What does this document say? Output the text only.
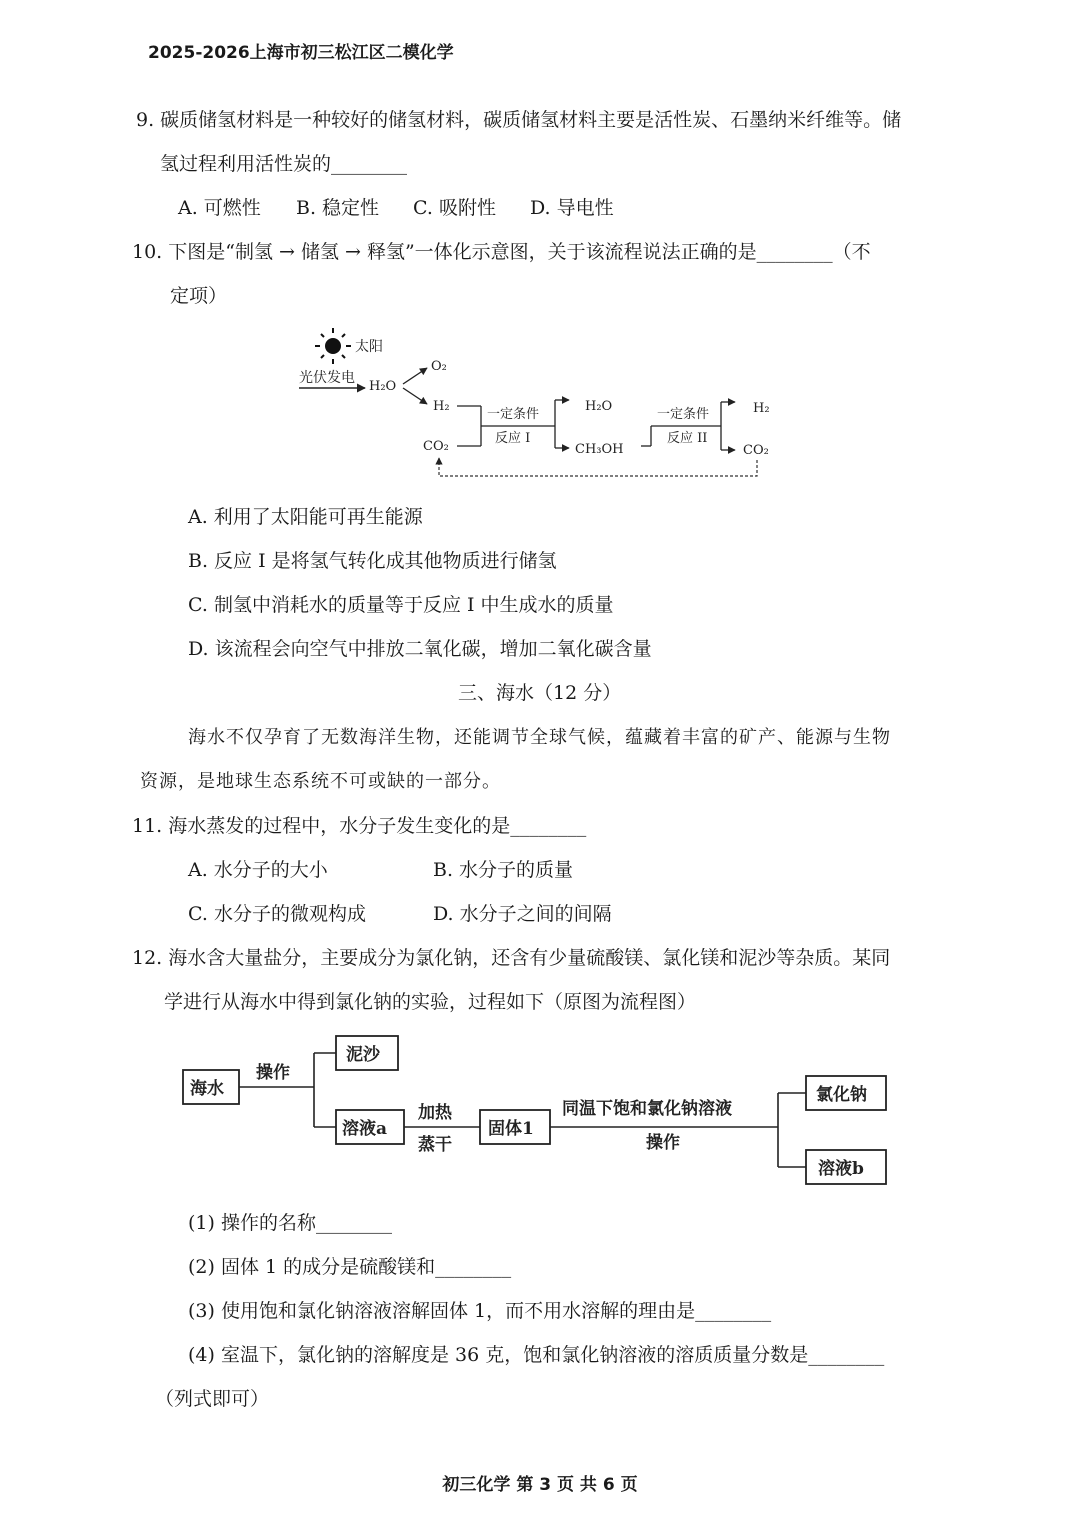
2025-2026上海市初三松江区二模化学
9. 碳质储氢材料是一种较好的储氢材料，碳质储氢材料主要是活性炭、石墨纳米纤维等。储
氢过程利用活性炭的________
A. 可燃性 B. 稳定性 C. 吸附性 D. 导电性
10. 下图是“制氢 → 储氢 → 释氢”一体化示意图，关于该流程说法正确的是________（不
定项）
太阳
光伏发电
H₂O
O₂
H₂
CO₂
一定条件
反应 I
H₂O
CH₃OH
一定条件
反应 II
H₂
CO₂
A. 利用了太阳能可再生能源
B. 反应 I 是将氢气转化成其他物质进行储氢
C. 制氢中消耗水的质量等于反应 I 中生成水的质量
D. 该流程会向空气中排放二氧化碳，增加二氧化碳含量
三、海水（12 分）
海水不仅孕育了无数海洋生物，还能调节全球气候，蕴藏着丰富的矿产、能源与生物
资源，是地球生态系统不可或缺的一部分。
11. 海水蒸发的过程中，水分子发生变化的是________
A. 水分子的大小	B. 水分子的质量
C. 水分子的微观构成	D. 水分子之间的间隔
12. 海水含大量盐分，主要成分为氯化钠，还含有少量硫酸镁、氯化镁和泥沙等杂质。某同
学进行从海水中得到氯化钠的实验，过程如下（原图为流程图）
海水
操作
泥沙
溶液a
加热
蒸干
固体1
同温下饱和氯化钠溶液
操作
氯化钠
溶液b
(1) 操作的名称________
(2) 固体 1 的成分是硫酸镁和________
(3) 使用饱和氯化钠溶液溶解固体 1，而不用水溶解的理由是________
(4) 室温下，氯化钠的溶解度是 36 克，饱和氯化钠溶液的溶质质量分数是________
（列式即可）
初三化学 第 3 页 共 6 页
